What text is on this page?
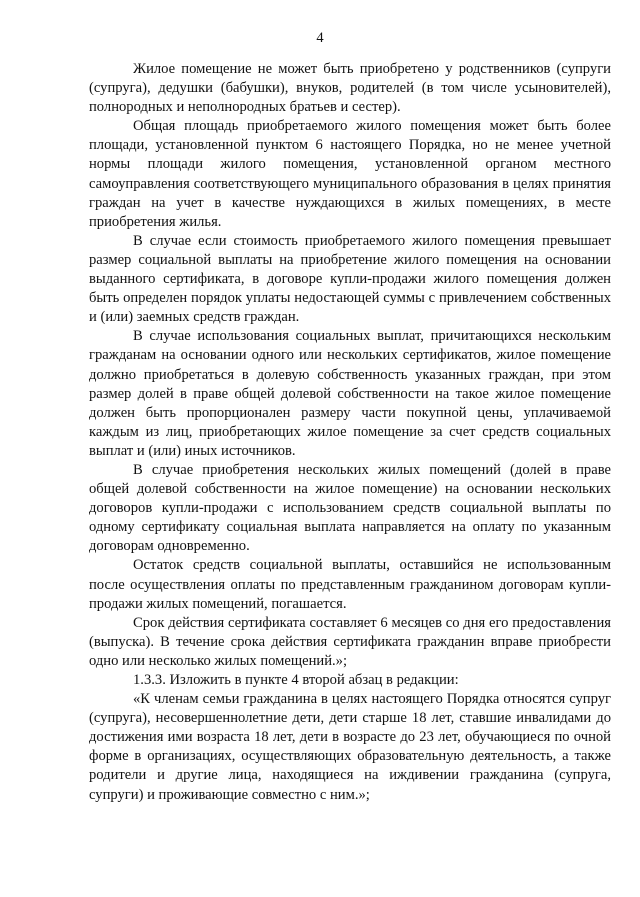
4

Жилое помещение не может быть приобретено у родственников (супруги (супруга), дедушки (бабушки), внуков, родителей (в том числе усыновителей), полнородных и неполнородных братьев и сестер).

Общая площадь приобретаемого жилого помещения может быть более площади, установленной пунктом 6 настоящего Порядка, но не менее учетной нормы площади жилого помещения, установленной органом местного самоуправления соответствующего муниципального образования в целях принятия граждан на учет в качестве нуждающихся в жилых помещениях, в месте приобретения жилья.

В случае если стоимость приобретаемого жилого помещения превышает размер социальной выплаты на приобретение жилого помещения на основании выданного сертификата, в договоре купли-продажи жилого помещения должен быть определен порядок уплаты недостающей суммы с привлечением собственных и (или) заемных средств граждан.

В случае использования социальных выплат, причитающихся нескольким гражданам на основании одного или нескольких сертификатов, жилое помещение должно приобретаться в долевую собственность указанных граждан, при этом размер долей в праве общей долевой собственности на такое жилое помещение должен быть пропорционален размеру части покупной цены, уплачиваемой каждым из лиц, приобретающих жилое помещение за счет средств социальных выплат и (или) иных источников.

В случае приобретения нескольких жилых помещений (долей в праве общей долевой собственности на жилое помещение) на основании нескольких договоров купли-продажи с использованием средств социальной выплаты по одному сертификату социальная выплата направляется на оплату по указанным договорам одновременно.

Остаток средств социальной выплаты, оставшийся не использованным после осуществления оплаты по представленным гражданином договорам купли-продажи жилых помещений, погашается.

Срок действия сертификата составляет 6 месяцев со дня его предоставления (выпуска). В течение срока действия сертификата гражданин вправе приобрести одно или несколько жилых помещений.»;

1.3.3. Изложить в пункте 4 второй абзац в редакции:

«К членам семьи гражданина в целях настоящего Порядка относятся супруг (супруга), несовершеннолетние дети, дети старше 18 лет, ставшие инвалидами до достижения ими возраста 18 лет, дети в возрасте до 23 лет, обучающиеся по очной форме в организациях, осуществляющих образовательную деятельность, а также родители и другие лица, находящиеся на иждивении гражданина (супруга, супруги) и проживающие совместно с ним.»;
